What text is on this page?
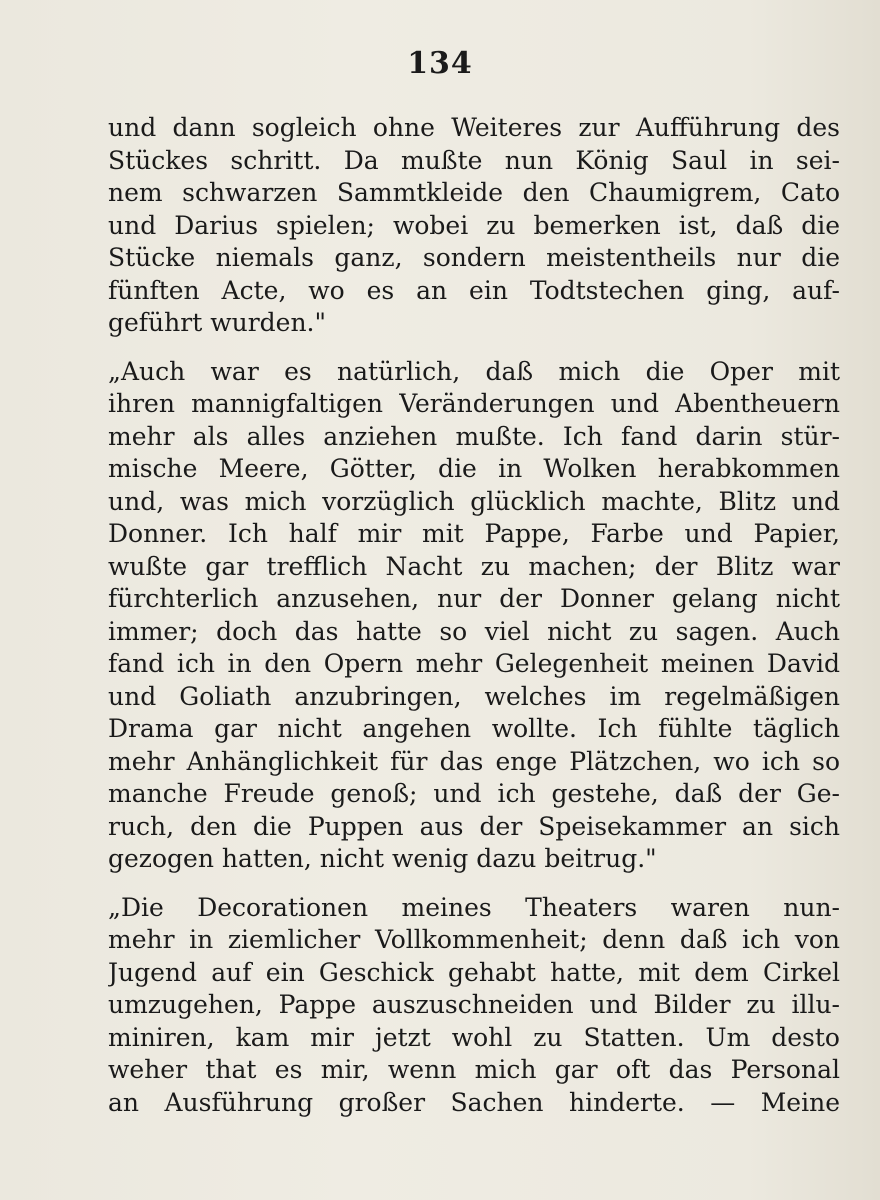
134
und dann sogleich ohne Weiteres zur Aufführung des
Stückes schritt. Da mußte nun König Saul in sei-
nem schwarzen Sammtkleide den Chaumigrem, Cato
und Darius spielen; wobei zu bemerken ist, daß die
Stücke niemals ganz, sondern meistentheils nur die
fünften Acte, wo es an ein Todtstechen ging, auf-
geführt wurden."
„Auch war es natürlich, daß mich die Oper mit
ihren mannigfaltigen Veränderungen und Abentheuern
mehr als alles anziehen mußte. Ich fand darin stür-
mische Meere, Götter, die in Wolken herabkommen
und, was mich vorzüglich glücklich machte, Blitz und
Donner. Ich half mir mit Pappe, Farbe und Papier,
wußte gar trefflich Nacht zu machen; der Blitz war
fürchterlich anzusehen, nur der Donner gelang nicht
immer; doch das hatte so viel nicht zu sagen. Auch
fand ich in den Opern mehr Gelegenheit meinen David
und Goliath anzubringen, welches im regelmäßigen
Drama gar nicht angehen wollte. Ich fühlte täglich
mehr Anhänglichkeit für das enge Plätzchen, wo ich so
manche Freude genoß; und ich gestehe, daß der Ge-
ruch, den die Puppen aus der Speisekammer an sich
gezogen hatten, nicht wenig dazu beitrug."
„Die Decorationen meines Theaters waren nun-
mehr in ziemlicher Vollkommenheit; denn daß ich von
Jugend auf ein Geschick gehabt hatte, mit dem Cirkel
umzugehen, Pappe auszuschneiden und Bilder zu illu-
miniren, kam mir jetzt wohl zu Statten. Um desto
weher that es mir, wenn mich gar oft das Personal
an Ausführung großer Sachen hinderte. — Meine
